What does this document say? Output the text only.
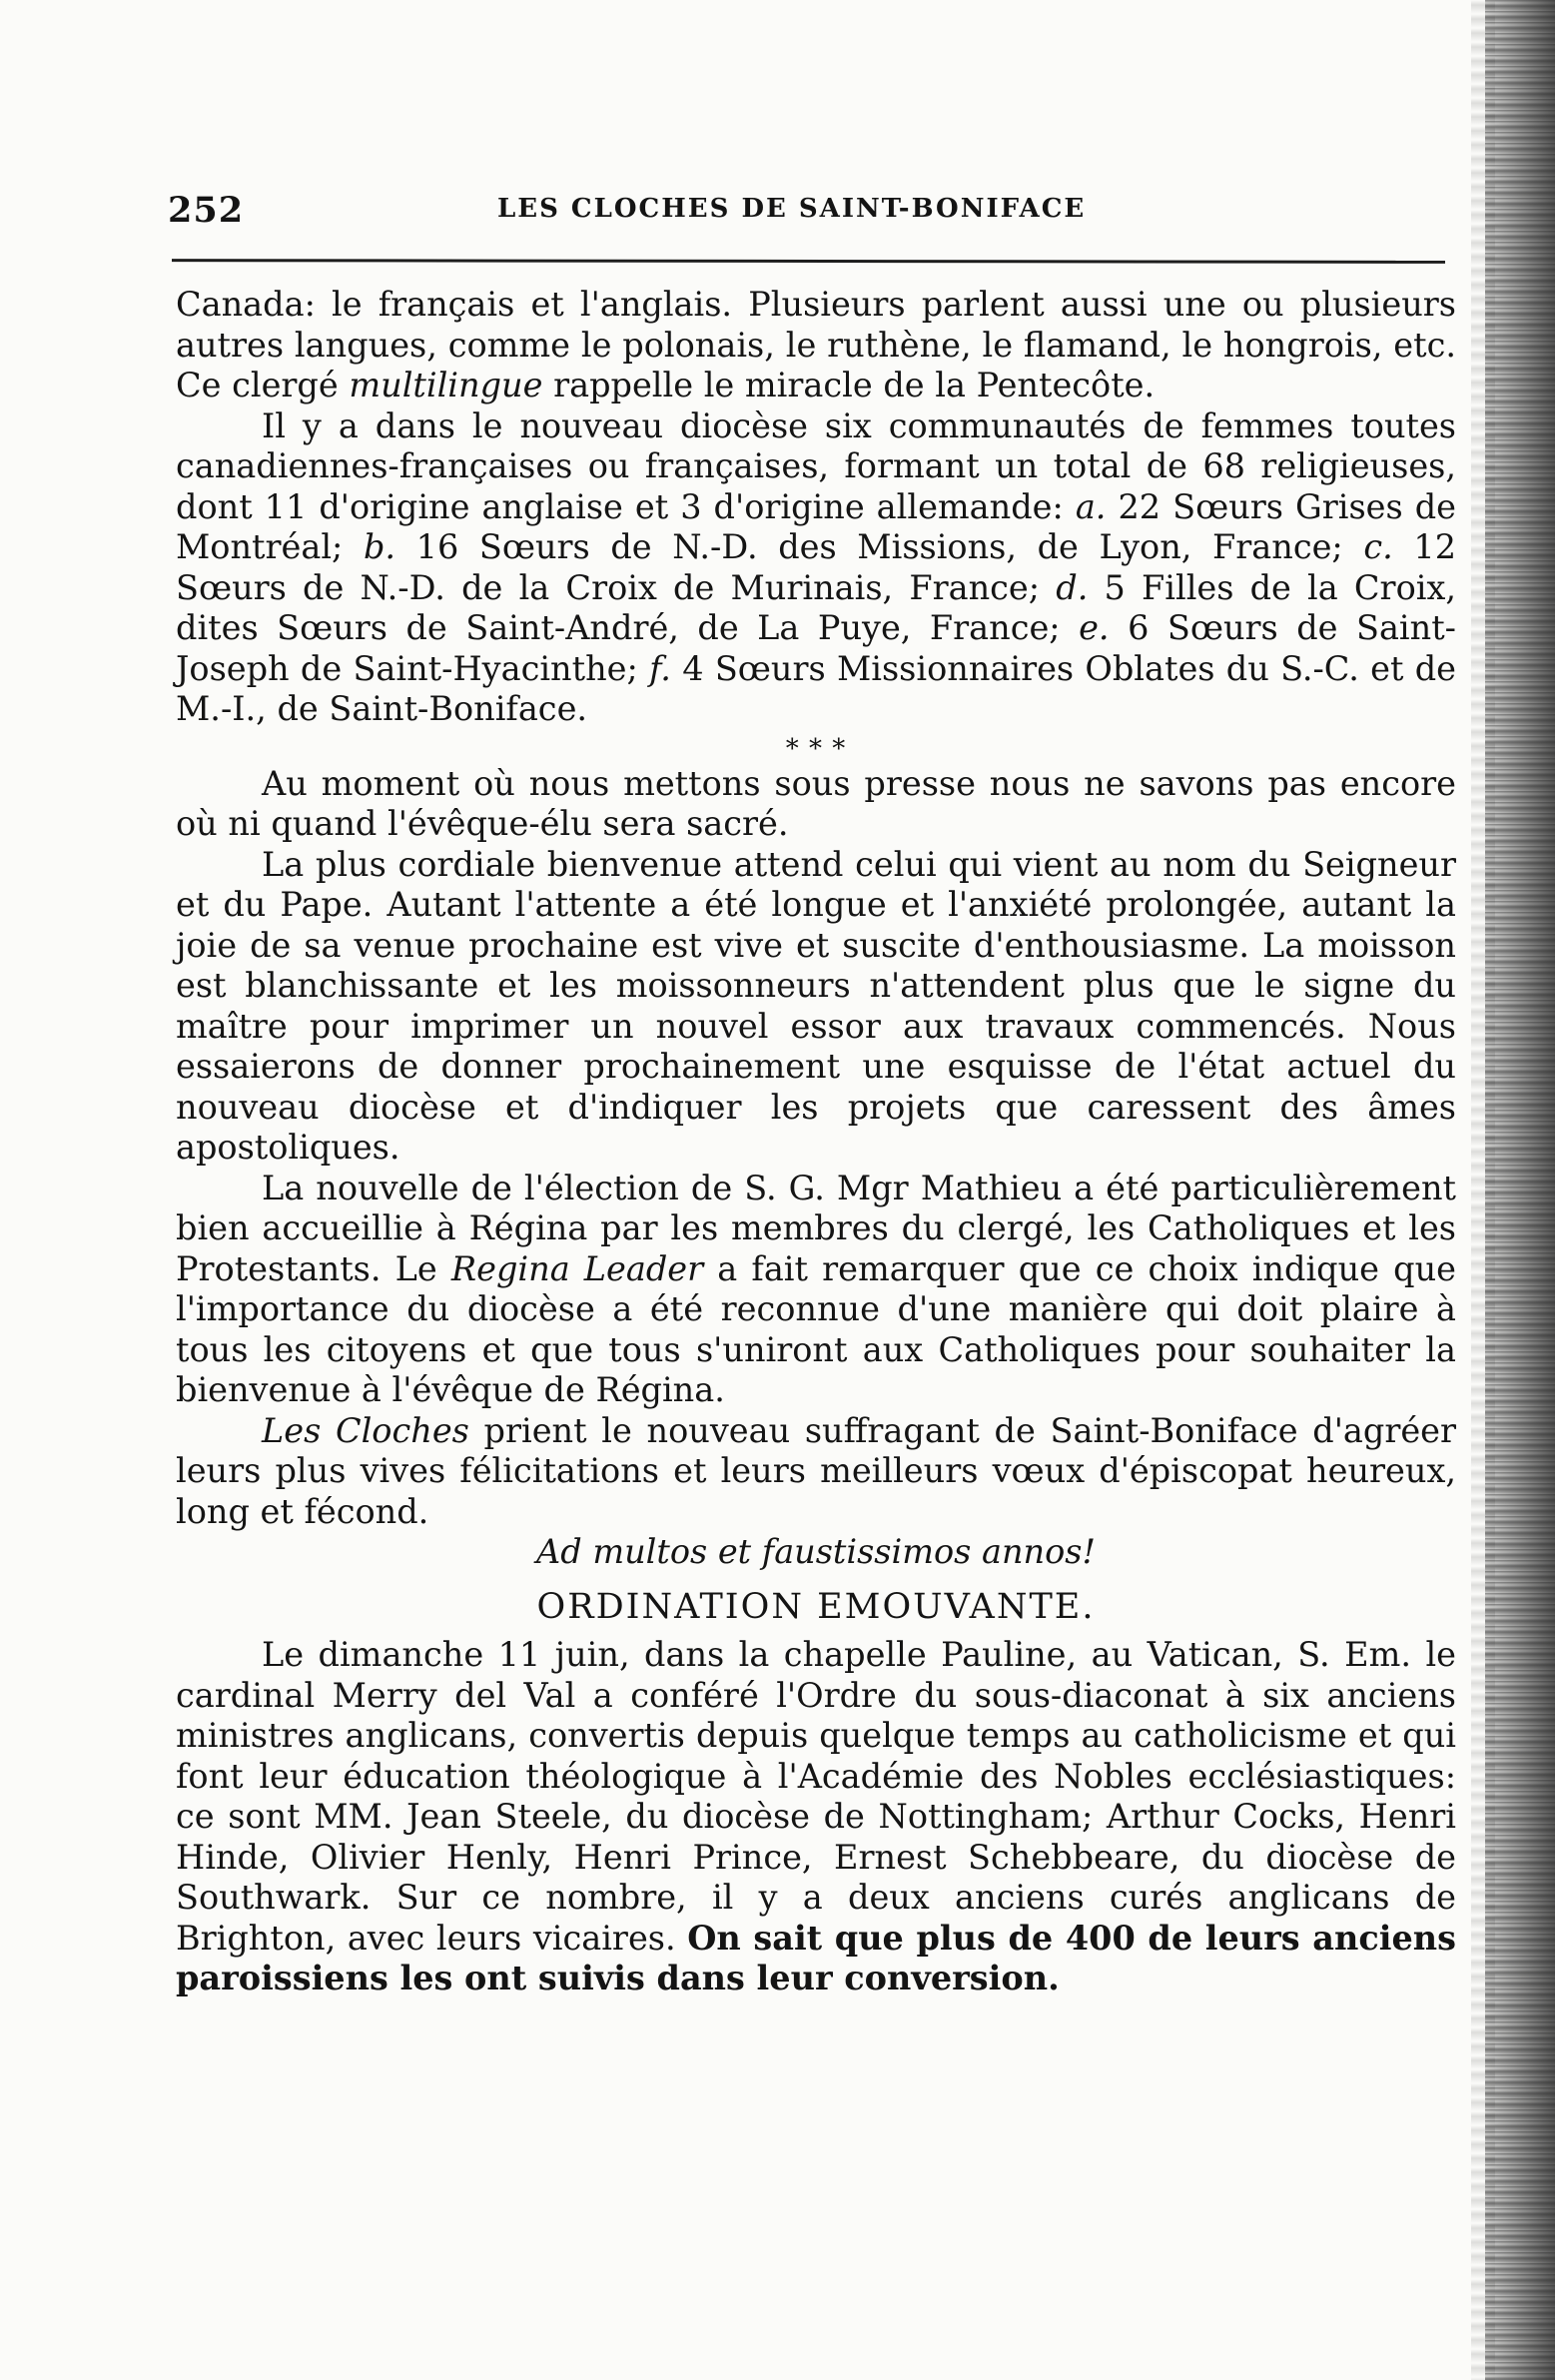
252	LES CLOCHES DE SAINT-BONIFACE

Canada: le français et l'anglais. Plusieurs parlent aussi une ou plusieurs autres langues, comme le polonais, le ruthène, le flamand, le hongrois, etc. Ce clergé multilingue rappelle le miracle de la Pentecôte.

Il y a dans le nouveau diocèse six communautés de femmes toutes canadiennes-françaises ou françaises, formant un total de 68 religieuses, dont 11 d'origine anglaise et 3 d'origine allemande: a. 22 Sœurs Grises de Montréal; b. 16 Sœurs de N.-D. des Missions, de Lyon, France; c. 12 Sœurs de N.-D. de la Croix de Murinais, France; d. 5 Filles de la Croix, dites Sœurs de Saint-André, de La Puye, France; e. 6 Sœurs de Saint-Joseph de Saint-Hyacinthe; f. 4 Sœurs Missionnaires Oblates du S.-C. et de M.-I., de Saint-Boniface.

* * *

Au moment où nous mettons sous presse nous ne savons pas encore où ni quand l'évêque-élu sera sacré.

La plus cordiale bienvenue attend celui qui vient au nom du Seigneur et du Pape. Autant l'attente a été longue et l'anxiété prolongée, autant la joie de sa venue prochaine est vive et suscite d'enthousiasme. La moisson est blanchissante et les moissonneurs n'attendent plus que le signe du maître pour imprimer un nouvel essor aux travaux commencés. Nous essaierons de donner prochainement une esquisse de l'état actuel du nouveau diocèse et d'indiquer les projets que caressent des âmes apostoliques.

La nouvelle de l'élection de S. G. Mgr Mathieu a été particulièrement bien accueillie à Régina par les membres du clergé, les Catholiques et les Protestants. Le Regina Leader a fait remarquer que ce choix indique que l'importance du diocèse a été reconnue d'une manière qui doit plaire à tous les citoyens et que tous s'uniront aux Catholiques pour souhaiter la bienvenue à l'évêque de Régina.

Les Cloches prient le nouveau suffragant de Saint-Boniface d'agréer leurs plus vives félicitations et leurs meilleurs vœux d'épiscopat heureux, long et fécond.

Ad multos et faustissimos annos!

ORDINATION EMOUVANTE.

Le dimanche 11 juin, dans la chapelle Pauline, au Vatican, S. Em. le cardinal Merry del Val a conféré l'Ordre du sous-diaconat à six anciens ministres anglicans, convertis depuis quelque temps au catholicisme et qui font leur éducation théologique à l'Académie des Nobles ecclésiastiques: ce sont MM. Jean Steele, du diocèse de Nottingham; Arthur Cocks, Henri Hinde, Olivier Henly, Henri Prince, Ernest Schebbeare, du diocèse de Southwark. Sur ce nombre, il y a deux anciens curés anglicans de Brighton, avec leurs vicaires. On sait que plus de 400 de leurs anciens paroissiens les ont suivis dans leur conversion.
